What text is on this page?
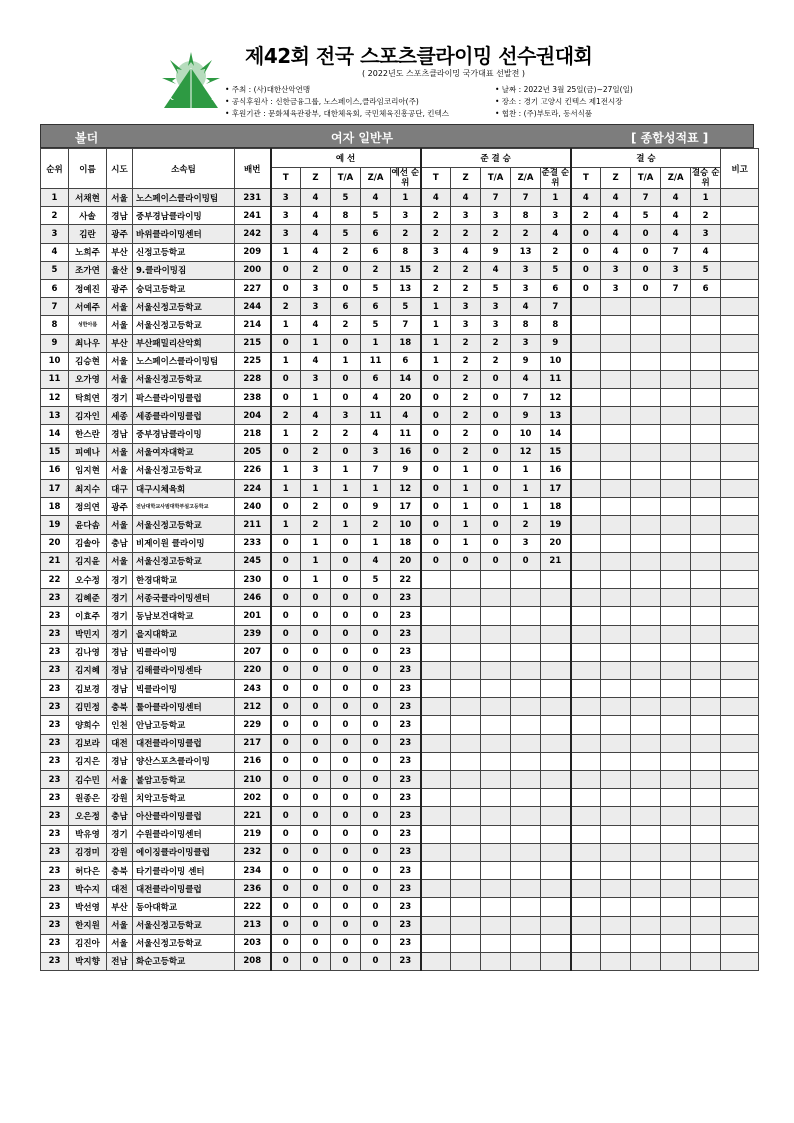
K	F
제42회 전국 스포츠클라이밍 선수권대회
( 2022년도 스포츠클라이밍 국가대표 선발전 )
• 주최 : (사)대한산악연맹
• 공식후원사 : 신한금융그룹, 노스페이스,클라임코리아(주)
• 후원기관 : 문화체육관광부, 대한체육회, 국민체육진흥공단, 킨텍스
• 날짜 : 2022년 3월 25일(금)~27일(일)
• 장소 : 경기 고양시 킨텍스 제1전시장
• 협찬 : (주)부토라, 동서식품
볼더	여자 일반부	[ 종합성적표 ]
순위	이름	시도	소속팀	배번	예 선					준 결 승					결 승					비고
					T	Z	T/A	Z/A	예선 순위	T	Z	T/A	Z/A	준결 순위	T	Z	T/A	Z/A	결승 순위	
1	서채현	서울	노스페이스클라이밍팀	231	3	4	5	4	1	4	4	7	7	1	4	4	7	4	1	
2	사솔	경남	중부경남클라이밍	241	3	4	8	5	3	2	3	3	8	3	2	4	5	4	2	
3	김란	광주	바위클라이밍센터	242	3	4	5	6	2	2	2	2	2	4	0	4	0	4	3	
4	노희주	부산	신정고등학교	209	1	4	2	6	8	3	4	9	13	2	0	4	0	7	4	
5	조가연	울산	9.클라이밍짐	200	0	2	0	2	15	2	2	4	3	5	0	3	0	3	5	
6	정예진	광주	숭덕고등학교	227	0	3	0	5	13	2	2	5	3	6	0	3	0	7	6	
7	서예주	서울	서울신정고등학교	244	2	3	6	6	5	1	3	3	4	7						
8	성한아름	서울	서울신정고등학교	214	1	4	2	5	7	1	3	3	8	8						
9	최나우	부산	부산패밀리산악회	215	0	1	0	1	18	1	2	2	3	9						
10	김승현	서울	노스페이스클라이밍팀	225	1	4	1	11	6	1	2	2	9	10						
11	오가영	서울	서울신정고등학교	228	0	3	0	6	14	0	2	0	4	11						
12	탁희연	경기	팍스클라이밍클럽	238	0	1	0	4	20	0	2	0	7	12						
13	김자인	세종	세종클라이밍클럽	204	2	4	3	11	4	0	2	0	9	13						
14	한스란	경남	중부경남클라이밍	218	1	2	2	4	11	0	2	0	10	14						
15	피예나	서울	서울여자대학교	205	0	2	0	3	16	0	2	0	12	15						
16	임지현	서울	서울신정고등학교	226	1	3	1	7	9	0	1	0	1	16						
17	최지수	대구	대구시체육회	224	1	1	1	1	12	0	1	0	1	17						
18	정의연	광주	전남대학교사범대학부설고등학교	240	0	2	0	9	17	0	1	0	1	18						
19	윤다솜	서울	서울신정고등학교	211	1	2	1	2	10	0	1	0	2	19						
20	김솔아	충남	비제이원 클라이밍	233	0	1	0	1	18	0	1	0	3	20						
21	김지윤	서울	서울신정고등학교	245	0	1	0	4	20	0	0	0	0	21						
22	오수정	경기	한경대학교	230	0	1	0	5	22											
23	김혜준	경기	서종국클라이밍센터	246	0	0	0	0	23											
23	이효주	경기	동남보건대학교	201	0	0	0	0	23											
23	박민지	경기	을지대학교	239	0	0	0	0	23											
23	김나영	경남	빅클라이밍	207	0	0	0	0	23											
23	김지혜	경남	김해클라이밍센타	220	0	0	0	0	23											
23	김보경	경남	빅클라이밍	243	0	0	0	0	23											
23	김민정	충북	툴아클라이밍센터	212	0	0	0	0	23											
23	양희수	인천	안남고등학교	229	0	0	0	0	23											
23	김보라	대전	대전클라이밍클럽	217	0	0	0	0	23											
23	김지은	경남	양산스포츠클라이밍	216	0	0	0	0	23											
23	김수민	서울	불암고등학교	210	0	0	0	0	23											
23	원종은	강원	치악고등학교	202	0	0	0	0	23											
23	오은정	충남	아산클라이밍클럽	221	0	0	0	0	23											
23	박유영	경기	수원클라이밍센터	219	0	0	0	0	23											
23	김경미	강원	에이징클라이밍클럽	232	0	0	0	0	23											
23	허다은	충북	타기클라이밍 센터	234	0	0	0	0	23											
23	박수지	대전	대전클라이밍클럽	236	0	0	0	0	23											
23	박선영	부산	동아대학교	222	0	0	0	0	23											
23	한지원	서울	서울신정고등학교	213	0	0	0	0	23											
23	김진아	서울	서울신정고등학교	203	0	0	0	0	23											
23	박지향	전남	화순고등학교	208	0	0	0	0	23											
